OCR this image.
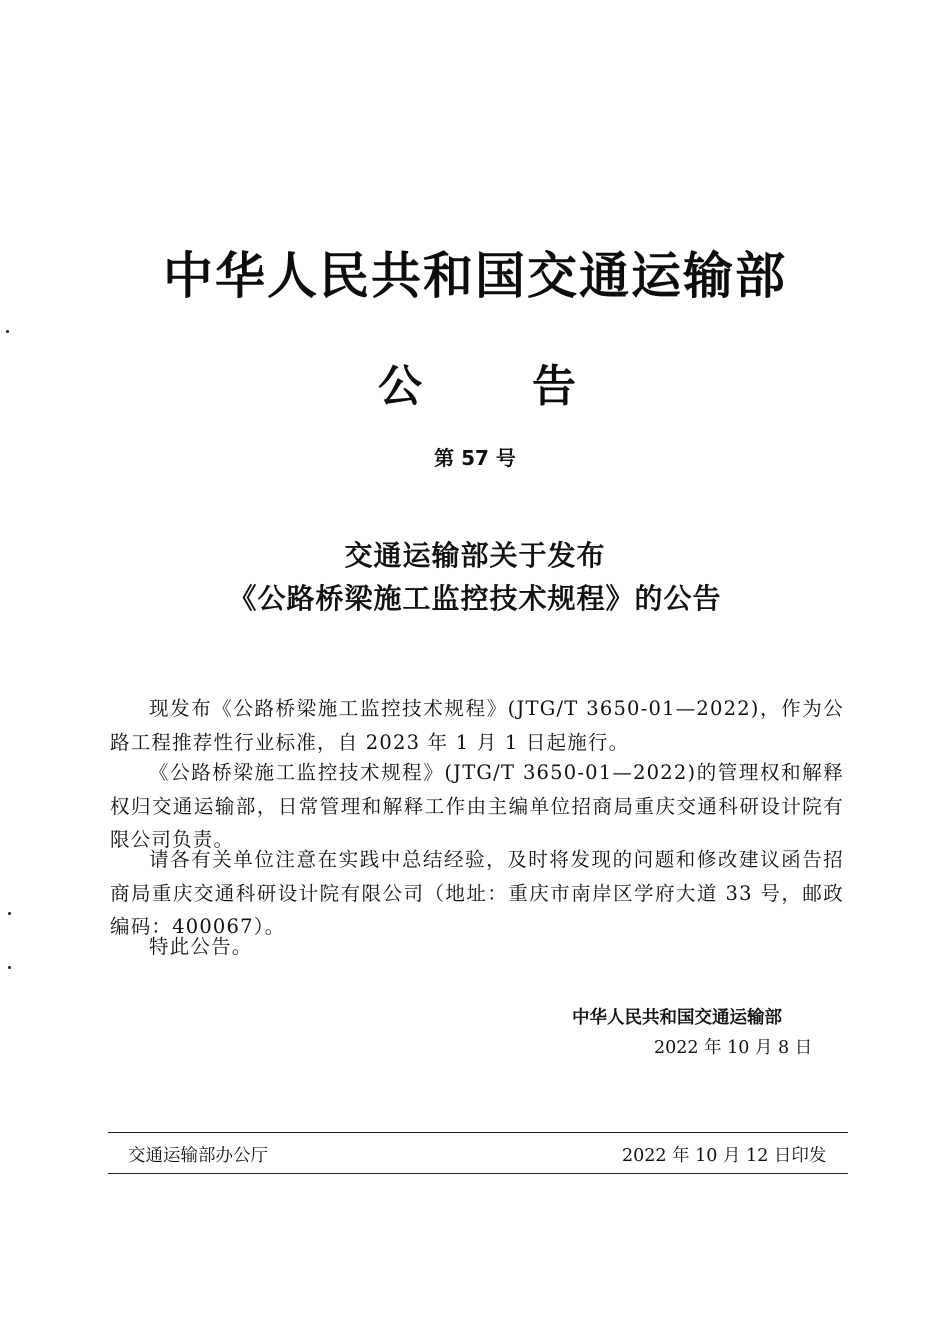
中华人民共和国交通运输部
公	告
第 57 号
交通运输部关于发布
《公路桥梁施工监控技术规程》的公告
现发布《公路桥梁施工监控技术规程》(JTG/T 3650-01—2022)，作为公路工程推荐性行业标准，自 2023 年 1 月 1 日起施行。
《公路桥梁施工监控技术规程》(JTG/T 3650-01—2022)的管理权和解释权归交通运输部，日常管理和解释工作由主编单位招商局重庆交通科研设计院有限公司负责。
请各有关单位注意在实践中总结经验，及时将发现的问题和修改建议函告招商局重庆交通科研设计院有限公司（地址：重庆市南岸区学府大道 33 号，邮政编码：400067）。
特此公告。
中华人民共和国交通运输部
2022 年 10 月 8 日
交通运输部办公厅	2022 年 10 月 12 日印发
